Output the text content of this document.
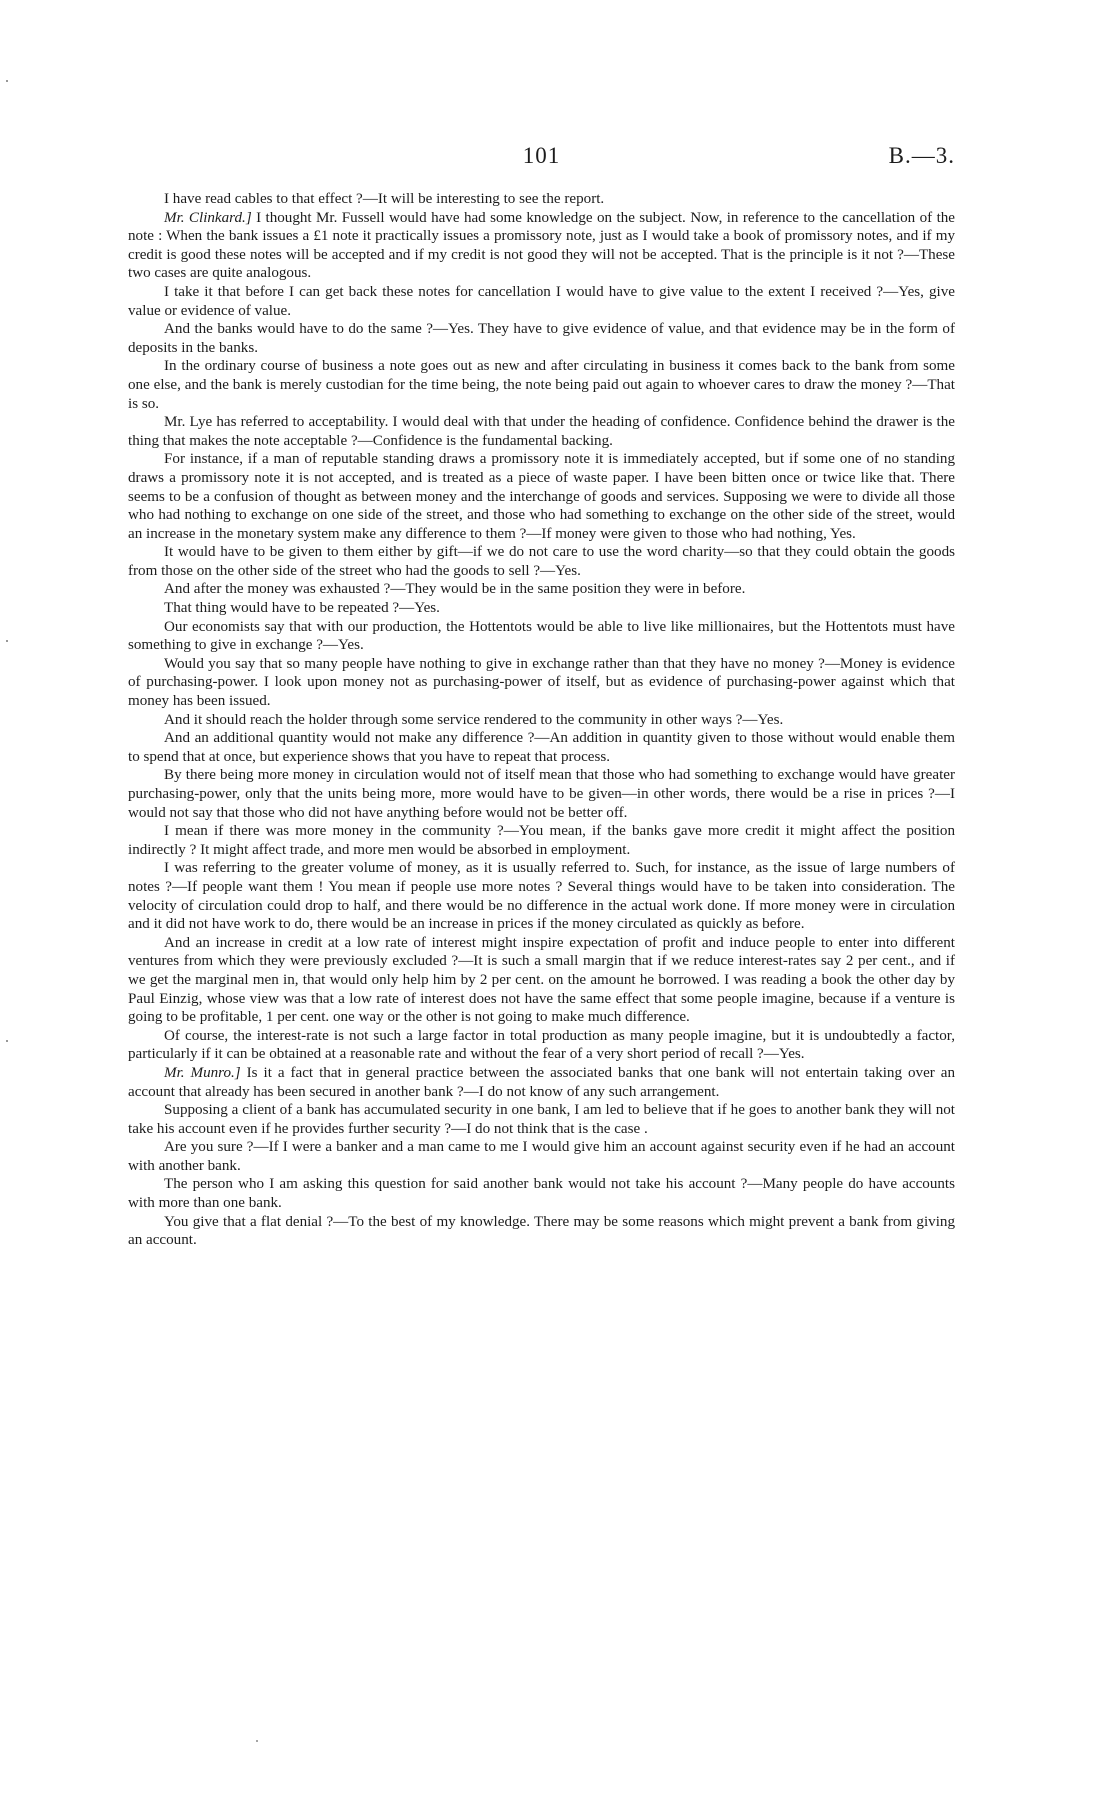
101	B.—3.

I have read cables to that effect ?—It will be interesting to see the report.

Mr. Clinkard.] I thought Mr. Fussell would have had some knowledge on the subject. Now, in reference to the cancellation of the note : When the bank issues a £1 note it practically issues a promissory note, just as I would take a book of promissory notes, and if my credit is good these notes will be accepted and if my credit is not good they will not be accepted. That is the principle is it not ?—These two cases are quite analogous.

I take it that before I can get back these notes for cancellation I would have to give value to the extent I received ?—Yes, give value or evidence of value.

And the banks would have to do the same ?—Yes. They have to give evidence of value, and that evidence may be in the form of deposits in the banks.

In the ordinary course of business a note goes out as new and after circulating in business it comes back to the bank from some one else, and the bank is merely custodian for the time being, the note being paid out again to whoever cares to draw the money ?—That is so.

Mr. Lye has referred to acceptability. I would deal with that under the heading of confidence. Confidence behind the drawer is the thing that makes the note acceptable ?—Confidence is the fundamental backing.

For instance, if a man of reputable standing draws a promissory note it is immediately accepted, but if some one of no standing draws a promissory note it is not accepted, and is treated as a piece of waste paper. I have been bitten once or twice like that. There seems to be a confusion of thought as between money and the interchange of goods and services. Supposing we were to divide all those who had nothing to exchange on one side of the street, and those who had something to exchange on the other side of the street, would an increase in the monetary system make any difference to them ?—If money were given to those who had nothing, Yes.

It would have to be given to them either by gift—if we do not care to use the word charity—so that they could obtain the goods from those on the other side of the street who had the goods to sell ?—Yes.

And after the money was exhausted ?—They would be in the same position they were in before.

That thing would have to be repeated ?—Yes.

Our economists say that with our production, the Hottentots would be able to live like millionaires, but the Hottentots must have something to give in exchange ?—Yes.

Would you say that so many people have nothing to give in exchange rather than that they have no money ?—Money is evidence of purchasing-power. I look upon money not as purchasing-power of itself, but as evidence of purchasing-power against which that money has been issued.

And it should reach the holder through some service rendered to the community in other ways ?—Yes.

And an additional quantity would not make any difference ?—An addition in quantity given to those without would enable them to spend that at once, but experience shows that you have to repeat that process.

By there being more money in circulation would not of itself mean that those who had something to exchange would have greater purchasing-power, only that the units being more, more would have to be given—in other words, there would be a rise in prices ?—I would not say that those who did not have anything before would not be better off.

I mean if there was more money in the community ?—You mean, if the banks gave more credit it might affect the position indirectly ? It might affect trade, and more men would be absorbed in employment.

I was referring to the greater volume of money, as it is usually referred to. Such, for instance, as the issue of large numbers of notes ?—If people want them ! You mean if people use more notes ? Several things would have to be taken into consideration. The velocity of circulation could drop to half, and there would be no difference in the actual work done. If more money were in circulation and it did not have work to do, there would be an increase in prices if the money circulated as quickly as before.

And an increase in credit at a low rate of interest might inspire expectation of profit and induce people to enter into different ventures from which they were previously excluded ?—It is such a small margin that if we reduce interest-rates say 2 per cent., and if we get the marginal men in, that would only help him by 2 per cent. on the amount he borrowed. I was reading a book the other day by Paul Einzig, whose view was that a low rate of interest does not have the same effect that some people imagine, because if a venture is going to be profitable, 1 per cent. one way or the other is not going to make much difference.

Of course, the interest-rate is not such a large factor in total production as many people imagine, but it is undoubtedly a factor, particularly if it can be obtained at a reasonable rate and without the fear of a very short period of recall ?—Yes.

Mr. Munro.] Is it a fact that in general practice between the associated banks that one bank will not entertain taking over an account that already has been secured in another bank ?—I do not know of any such arrangement.

Supposing a client of a bank has accumulated security in one bank, I am led to believe that if he goes to another bank they will not take his account even if he provides further security ?—I do not think that is the case .

Are you sure ?—If I were a banker and a man came to me I would give him an account against security even if he had an account with another bank.

The person who I am asking this question for said another bank would not take his account ?—Many people do have accounts with more than one bank.

You give that a flat denial ?—To the best of my knowledge. There may be some reasons which might prevent a bank from giving an account.
